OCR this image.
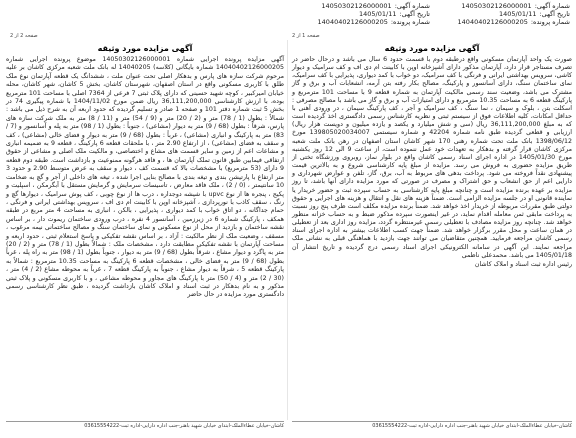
شماره آگهی:14050302126000001
تاریخ آگهی:1405/01/11
شماره پرونده:14040402126000205
شماره آگهی:14050302126000001
تاریخ آگهی:1405/01/11
شماره پرونده:14040402126000205
صفحه 1 از 2
صفحه 2 از 2
آگهی مزایده مورد وثیقه
صورت یک واحد آپارتمان مسکونی واقع درطبقه دوم با قسمت حدود 6 سال می باشد و درحال حاضر در تصرف مستاجر قرار دارد، آپارتمان مذکور دارای آشپزخانه اوپن با کابینت ام دی اف و کف سرامیک و دیوار کاشی، سرویس بهداشتی ایرانی و فرنگی با کف سرامیک، دو خواب با کمد دیواری، پذیرایی با کف سرامیک، نمای ساختمان سنگ، دارای آسانسور و پارکینگ، مصالح بکار رفته بتن آرمه، انشعابات آب و برق و گاز مشترک می باشد، وضعیت سند رسمی مالکیت آپارتمان به شماره قطعه 9 با مساحت 101 مترمربع و پارکینگ قطعه 6 به مساحت 10.35 مترمربع و دارای امتیازات آب و برق و گاز می باشد با مصالح مصرفی : اسکلت بتن ، بلوک و سیمان ، نما سنگ ، کف سرامیک و آجر ، کف پارکینگ سیمان ، در ورودی آهنی با حداقل امکانات، کلیه اطلاعات فوق از سیستم ثبتی و نظریه کارشناس رسمی دادگستری اخذ گردیده است که به مبلغ 36,111,200,000 ریال (سی و شش میلیارد و یکصد و یازده میلیون و دویست هزار ریال) ارزیابی و قطعی گردیده طبق نامه شماره 42204 و شماره سیستمی 139805020034007 مورخ 1398/06/12 بانک ملت تحت شماره رهنی 170 شهر کاشان استان اصفهان در رهن بانک ملت شعبه مرکزی کاشان قرار گرفته و بدهکار به تعهدات خود عمل ننموده است، از ساعت 9 الی 12 روز یکشنبه مورخ 1405/01/30 در اداره اجرای اسناد رسمی کاشان واقع در بلوار نماز، روبروی ورزشگاه تختی از طریق مزایده حضوری به فروش می رسد. مزایده از مبلغ پایه کارشناسی شروع و به بالاترین قیمت پیشنهادی نقداً فروخته می شود. پرداخت بدهی های مربوط به آب، برق، گاز، تلفن و عوارض شهرداری و دارایی اعم از حق انشعاب و حق اشتراک و مصرف در صورتی که مورد مزایده دارای آنها باشد، تا روز مزایده بر عهده برنده مزایده است و چنانچه مبلغ پایه کارشناسی به حساب سپرده ثبت و حضور خریدار یا نماینده قانونی او در جلسه مزایده الزامی است. ضمناً هزینه های نقل و انتقال و هزینه های اجرایی و حقوق دولتی طبق مقررات مربوطه از خریدار اخذ خواهد شد. ضمناً برنده مزایده مکلف است ظرف پنج روز نسبت به پرداخت مابقی ثمن معامله اقدام نماید، در غیر اینصورت سپرده مذکور ضبط و به حساب خزانه منظور خواهد شد. چنانچه روز مزایده مصادف با تعطیلی رسمی غیرمنتظره گردد، مزایده روز اداری بعد از تعطیلی در همان ساعت و محل مقرر برگزار خواهد شد. ضمناً جهت کسب اطلاعات بیشتر به اداره اجرای اسناد رسمی کاشان مراجعه فرمایید. همچنین متقاضیان می توانند جهت بازدید با هماهنگی قبلی به نشانی ملک مراجعه نمایند. این آگهی در سامانه الکترونیکی اجرای اسناد رسمی درج گردیده و تاریخ انتشار آن 1405/01/18 می باشد. محمدعلی ناظمی
رئیس اداره ثبت اسناد و املاک کاشان
آگهی مزایده مورد وثیقه
آگهی مزایده پرونده اجرایی شماره 14050302126000001 موضوع پرونده اجرایی شماره 14040402126000205 شماره بایگانی (کلاسه) 14040205 له بانک ملت شعبه مرکزی کاشان بر علیه مرحوم شرکت سازه های پارس و بدهکار اصلی تحت عنوان ملت ، ششدانگ یک قطعه آپارتمان نوع ملک طلق با کاربری مسکونی واقع در استان اصفهان، شهرستان کاشان، بخش 5 کاشان، شهر کاشان، محله خیابان امیرکبیر ، کوچه شهید حسینی که دارای پلاک ثبتی 7 فرعی از 7364 اصلی با مساحت 101 مترمربع بوده، با ارزش کارشناسی 36,111,200,000 ریال ضمن مورخ 1404/11/02 با شماره پیگیری 74 در بخش 5 ثبت شماره دفتر 101 و صفحه 1 صادر و تسلیم گردیده که حدود اربعه آن به شرح ذیل می باشد : شمالاً : بطول (1 / 78) متر و (2 / 20) متر و (9 / 54) متر و (11 / 8) متر به ملک شرکت سازه های پارس، شرقاً : بطول (68 / 9) متر به دیوار (مشاعی) ، جنوباً : بطول (1 / 98) متر به پله و آسانسور و (7 / 83) متر به پارکینگ و انباری (مشاعی) ، غرباً : بطول (68 / 9) متر به دیوار و فضای خالی (مشاعی) ، کف و سقف به فضای (مشاعی) ، از ارتفاع 2.90 متر ، با ملحقات قطعه 6 پارکینگ ، قطعه 9 به ضمیمه انباری و مشاعات اعم از زمین و سایر قسمت های مشاع و اختصاصی، و مالکیت ملک اصلی و مشاعی از حقوق ارتفاقی فیمابین طبق قانون تملک آپارتمان ها ، و فاقد هرگونه ممنوعیت و بازداشت است. طبقه دوم قطعه 9 دارای (53 مترمربع) با مشخصات بالا که قسمت کف ، دیوار و سقف به عرض متوسط 2.90 و حدود 3 متر ارتفاع با پارتیشن بندی و تیغه بندی با مصالح بنایی اجرا شده ، تیغه های داخلی از آجر و گچ به ضخامت 10 سانتیمتر ، (0 / 2) ، ملک فاقد معارض ، تاسیسات سرمایش و گرمایش مستقل با آبگرمکن ، اسپلیت و پکیج ، پنجره ها از نوع upvc با شیشه دوجداره ، درب ها از نوع چوبی ، کف پوش سرامیک ، دیوارها گچ و رنگ ، سقف کاذب با نورپردازی ، آشپزخانه اوپن با کابینت ام دی اف ، سرویس بهداشتی ایرانی و فرنگی ، حمام جداگانه ، دو اتاق خواب با کمد دیواری ، پذیرایی ، بالکن ، انباری به مساحت 4 متر مربع در طبقه همکف ، پارکینگ شماره 6 در زیرزمین ، آسانسور 4 نفره ، درب ورودی ساختمان ریموت دار ، بر اساس نقشه ساختمان و بازدید از محل از نوع مسکونی و نمای ساختمان سنگ و مصالح ساختمانی نیمه مرغوب ، مسقف ، وضعیت ملک از نظر مالکیت : آزاد ، بر اساس نقشه تفکیکی و پاسخ استعلام ثبتی ، حدود اربعه و مساحت آپارتمان با نقشه تفکیکی مطابقت دارد ، مشخصات ملک : شمالاً بطول (1 / 78) متر و (2 / 20) متر به پاگرد و دیوار مشاع ، شرقاً بطول (68 / 9) متر به دیوار ، جنوباً بطول (1 / 98) متر به راه پله ، غرباً بطول (68 / 9) متر به فضای خالی ، مشخصات قطعه 6 پارکینگ به مساحت 10.35 مترمربع : شمالاً به پارکینگ قطعه 5 ، شرقاً به دیوار مشاع ، جنوباً به پارکینگ قطعه 7 ، غرباً به محوطه مشاع (2 / 4) متر ، (30 / 2) متر و (4 / 50) متر با پارکینگ های مجاور و محوطه مشاعی ، و با کاربری مسکونی و پلاک ثبتی مذکور و به نام بدهکار در ثبت اسناد و املاک کاشان بازداشت گردیده ، طبق نظر کارشناسی رسمی دادگستری مورد مزایده در حال حاضر
کاشان-خیابان عطاءالملک-ابتدای خیابان شهید باهنر-جنب اداره دارایی-اداره ثبت-03615554222	کاشان-خیابان عطاءالملک-ابتدای خیابان شهید باهنر-جنب اداره دارایی-اداره ثبت-03615554222
